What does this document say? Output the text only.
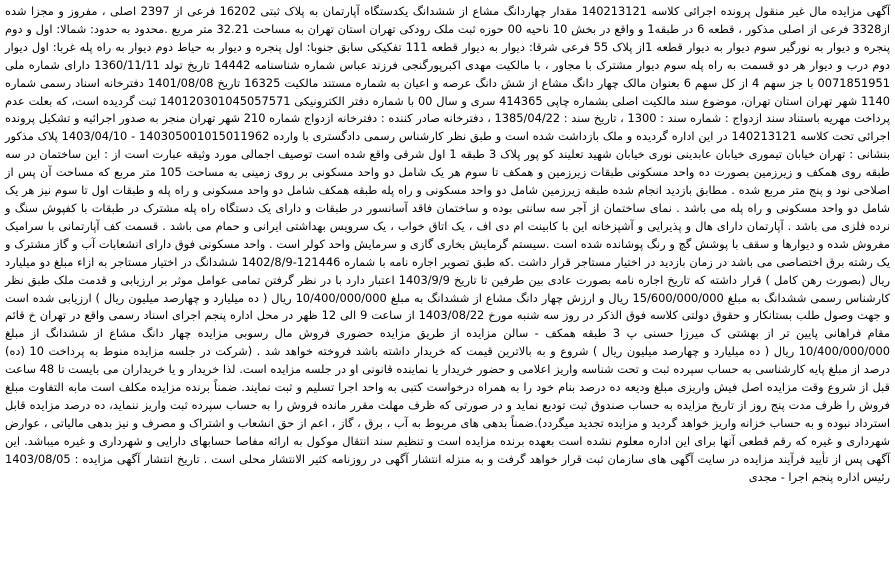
آگهی مزایده مال غیر منقول پرونده اجرائی کلاسه 140213121 مقدار چهاردانگ مشاع از ششدانگ یکدستگاه آپارتمان به پلاک ثبتی 16202 فرعی از 2397 اصلی ، مفروز و مجزا شده از3328 فرعی از اصلی مذکور ، قطعه 6 در طبقه1 و واقع در بخش 10 ناحیه 00 حوزه ثبت ملک رودکی تهران استان تهران به مساحت 32.21 متر مربع .محدود به حدود: شمالا: اول و دوم پنجره و دیوار به نورگیر سوم دیوار به دیوار قطعه 1از پلاک 55 فرعی شرقا: دیوار به دیوار قطعه 111 تفکیکی سابق جنوبا: اول پنجره و دیوار به حیاط دوم دیوار به راه پله غربا: اول دیوار دوم درب و دیوار هر دو قسمت به راه پله سوم دیوار مشترک با مجاور ، با مالکیت مهدی اکبرپورگنجی فرزند عباس شماره شناسنامه 14442 تاریخ تولد 1360/11/11 دارای شماره ملی 0071851951 با جز سهم 4 از کل سهم 6 بعنوان مالک چهار دانگ مشاع از شش دانگ عرصه و اعیان به شماره مستند مالکیت 16325 تاریخ 1401/08/08 دفترخانه اسناد رسمی شماره 1140 شهر تهران استان تهران، موضوع سند مالکیت اصلی بشماره چاپی 414365 سری و سال 00 با شماره دفتر الکترونیکی 140120301045057571 ثبت گردیده است، که بعلت عدم پرداخت مهریه باستناد سند ازدواج : شماره سند : 1300 ، تاریخ سند : 1385/04/22 ، دفترخانه صادر کننده : دفترخانه ازدواج شماره 210 شهر تهران منجر به صدور اجرائیه و تشکیل پرونده اجرائی تحت کلاسه 140213121 در این اداره گردیده و ملک بازداشت شده است و طبق نظر کارشناس رسمی دادگستری با وارده 140305001015011962 - 1403/04/10 پلاک مذکور بنشانی : تهران خیابان تیموری خیابان عابدینی نوری خیابان شهید تعلیند کو پور پلاک 3 طبقه 1 اول شرقی واقع شده است توصیف اجمالی مورد وثیقه عبارت است از : این ساختمان در سه طبقه روی همکف و زیرزمین بصورت ده واحد مسکونی طبقات زیرزمین و همکف تا سوم هر یک شامل دو واحد مسکونی بر روی زمینی به مساحت 105 متر مربع که مساحت آن پس از اصلاحی نود و پنج متر مربع شده . مطابق بازدید انجام شده طبقه زیرزمین شامل دو واحد مسکونی و راه پله طبقه همکف شامل دو واحد مسکونی و راه پله و طبقات اول تا سوم نیز هر یک شامل دو واحد مسکونی و راه پله می باشد . نمای ساختمان از آجر سه سانتی بوده و ساختمان فاقد آسانسور در طبقات و دارای یک دستگاه راه پله مشترک در طبقات با کفپوش سنگ و نرده فلزی می باشد . آپارتمان دارای هال و پذیرایی و آشپزخانه این با کابینت ام دی اف ، یک اتاق خواب ، یک سرویس بهداشتی ایرانی و حمام می باشد . قسمت کف آپارتمانی با سرامیک مفروش شده و دیوارها و سقف با پوشش گچ و رنگ پوشانده شده است .سیستم گرمایش بخاری گازی و سرمایش واحد کولر است . واحد مسکونی فوق دارای انشعابات آب و گاز مشترک و یک رشته برق اختصاصی می باشد در زمان بازدید در اختیار مستاجر قرار داشت .که طبق تصویر اجاره نامه با شماره 121446-1402/8/9 ششدانگ در اختیار مستاجر به ازاء مبلغ دو میلیارد ریال (بصورت رهن کامل ) قرار داشته که تاریخ اجاره نامه بصورت عادی بین طرفین تا تاریخ 1403/9/9 اعتبار دارد با در نظر گرفتن تمامی عوامل موثر بر ارزیابی و قدمت ملک طبق نظر کارشناس رسمی ششدانگ به مبلغ 15/600/000/000 ریال و ارزش چهار دانگ مشاع از ششدانگ به مبلغ 10/400/000/000 ریال ( ده میلیارد و چهارصد میلیون ریال ) ارزیابی شده است و جهت وصول طلب بستانکار و حقوق دولتی کلاسه فوق الذکر در روز سه شنبه مورخ 1403/08/22 از ساعت 9 الی 12 ظهر در محل اداره پنجم اجرای اسناد رسمی واقع در تهران خ قائم مقام فراهانی پایین تر از بهشتی ک میرزا حسنی پ 3 طبقه همکف - سالن مزایده از طریق مزایده حضوری فروش مال رسوبی مزایده چهار دانگ مشاع از ششدانگ از مبلغ 10/400/000/000 ریال ( ده میلیارد و چهارصد میلیون ریال ) شروع و به بالاترین قیمت که خریدار داشته باشد فروخته خواهد شد . (شرکت در جلسه مزایده منوط به پرداخت 10 (ده) درصد از مبلغ پایه کارشناسی به حساب سپرده ثبت و تحت شناسه واریز اعلامی و حضور خریدار یا نماینده قانونی او در جلسه مزایده است. لذا خریدار و یا خریداران می بایست تا 48 ساعت قبل از شروع وقت مزایده اصل فیش واریزی مبلغ ودیعه ده درصد بنام خود را به همراه درخواست کتبی به واحد اجرا تسلیم و ثبت نمایند. ضمناً برنده مزایده مکلف است مابه التفاوت مبلغ فروش را ظرف مدت پنج روز از تاریخ مزایده به حساب صندوق ثبت تودیع نماید و در صورتی که ظرف مهلت مقرر مانده فروش را به حساب سپرده ثبت واریز ننماید، ده درصد مزایده قابل استرداد نبوده و به حساب خزانه واریز خواهد گردید و مزایده تجدید میگردد).ضمناً بدهی های مربوط به آب ، برق ، گاز ، اعم از حق انشعاب و اشتراک و مصرف و نیز بدهی مالیاتی ، عوارض شهرداری و غیره که رقم قطعی آنها برای این اداره معلوم نشده است بعهده برنده مزایده است و تنظیم سند انتقال موکول به ارائه مفاصا حسابهای دارایی و شهرداری و غیره میباشد. این آگهی پس از تأیید فرآیند مزایده در سایت آگهی های سازمان ثبت قرار خواهد گرفت و به منزله انتشار آگهی در روزنامه کثیر الانتشار محلی است . تاریخ انتشار آگهی مزایده : 1403/08/05 رئیس اداره پنجم اجرا - مجدی
